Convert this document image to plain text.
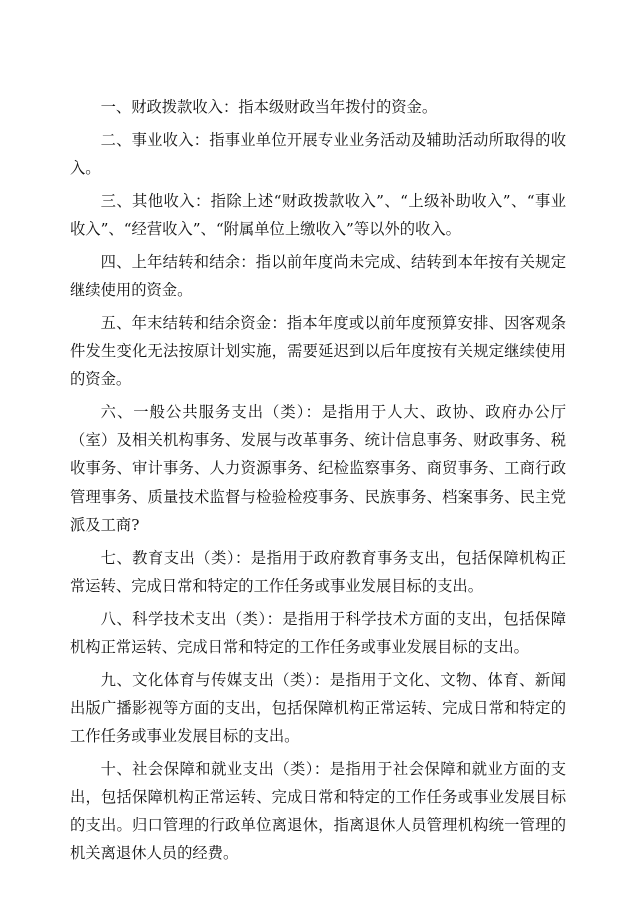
一、财政拨款收入：指本级财政当年拨付的资金。

二、事业收入：指事业单位开展专业业务活动及辅助活动所取得的收入。

三、其他收入：指除上述“财政拨款收入”、“上级补助收入”、“事业收入”、“经营收入”、“附属单位上缴收入”等以外的收入。

四、上年结转和结余：指以前年度尚未完成、结转到本年按有关规定继续使用的资金。

五、年末结转和结余资金：指本年度或以前年度预算安排、因客观条件发生变化无法按原计划实施，需要延迟到以后年度按有关规定继续使用的资金。

六、一般公共服务支出（类）：是指用于人大、政协、政府办公厅（室）及相关机构事务、发展与改革事务、统计信息事务、财政事务、税收事务、审计事务、人力资源事务、纪检监察事务、商贸事务、工商行政管理事务、质量技术监督与检验检疫事务、民族事务、档案事务、民主党派及工商?

七、教育支出（类）：是指用于政府教育事务支出，包括保障机构正常运转、完成日常和特定的工作任务或事业发展目标的支出。

八、科学技术支出（类）：是指用于科学技术方面的支出，包括保障机构正常运转、完成日常和特定的工作任务或事业发展目标的支出。

九、文化体育与传媒支出（类）：是指用于文化、文物、体育、新闻出版广播影视等方面的支出，包括保障机构正常运转、完成日常和特定的工作任务或事业发展目标的支出。

十、社会保障和就业支出（类）：是指用于社会保障和就业方面的支出，包括保障机构正常运转、完成日常和特定的工作任务或事业发展目标的支出。归口管理的行政单位离退休，指离退休人员管理机构统一管理的机关离退休人员的经费。
